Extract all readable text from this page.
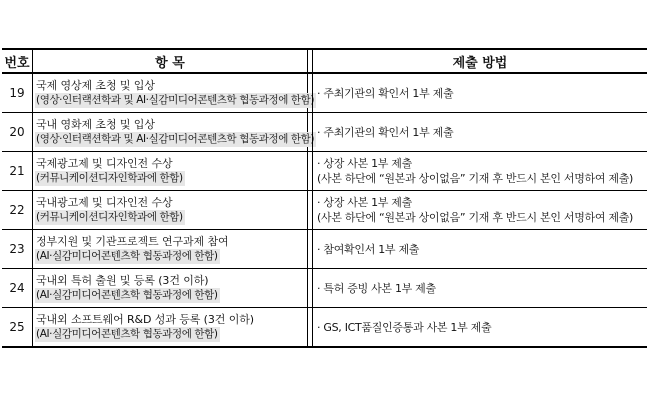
번호	항 목	제출 방법
19
국제 영상제 초청 및 입상
(영상·인터랙션학과 및 AI·실감미디어콘텐츠학 협동과정에 한함)
· 주최기관의 확인서 1부 제출
20
국내 영화제 초청 및 입상
(영상·인터랙션학과 및 AI·실감미디어콘텐츠학 협동과정에 한함)
· 주최기관의 확인서 1부 제출
21
국제광고제 및 디자인전 수상
(커뮤니케이션디자인학과에 한함)
· 상장 사본 1부 제출
(사본 하단에 “원본과 상이없음” 기재 후 반드시 본인 서명하여 제출)
22
국내광고제 및 디자인전 수상
(커뮤니케이션디자인학과에 한함)
· 상장 사본 1부 제출
(사본 하단에 “원본과 상이없음” 기재 후 반드시 본인 서명하여 제출)
23
정부지원 및 기관프로젝트 연구과제 참여
(AI·실감미디어콘텐츠학 협동과정에 한함)
· 참여확인서 1부 제출
24
국내외 특허 출원 및 등록 (3건 이하)
(AI·실감미디어콘텐츠학 협동과정에 한함)
· 특허 증빙 사본 1부 제출
25
국내외 소프트웨어 R&D 성과 등록 (3건 이하)
(AI·실감미디어콘텐츠학 협동과정에 한함)
· GS, ICT품질인증통과 사본 1부 제출
